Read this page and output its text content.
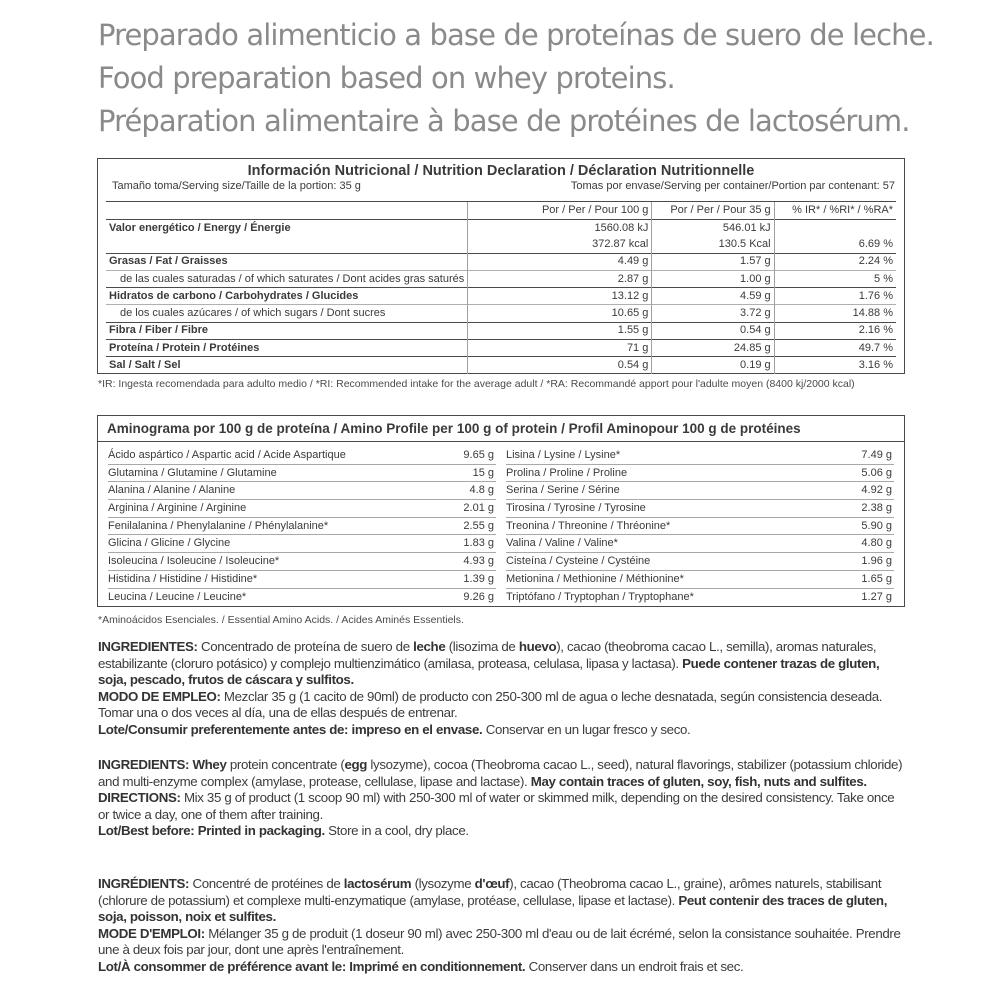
Preparado alimenticio a base de proteínas de suero de leche.
Food preparation based on whey proteins.
Préparation alimentaire à base de protéines de lactosérum.
Información Nutricional / Nutrition Declaration / Déclaration Nutritionnelle
Tamaño toma/Serving size/Taille de la portion: 35 g	Tomas por envase/Serving per container/Portion par contenant: 57
	Por / Per / Pour 100 g	Por / Per / Pour 35 g	% IR* / %RI* / %RA*
Valor energético / Energy / Énergie	1560.08 kJ	546.01 kJ	
	372.87 kcal	130.5 Kcal	6.69 %
Grasas / Fat / Graisses	4.49 g	1.57 g	2.24 %
de las cuales saturadas / of which saturates / Dont acides gras saturés	2.87 g	1.00 g	5 %
Hidratos de carbono / Carbohydrates / Glucides	13.12 g	4.59 g	1.76 %
de los cuales azúcares / of which sugars / Dont sucres	10.65 g	3.72 g	14.88 %
Fibra / Fiber / Fibre	1.55 g	0.54 g	2.16 %
Proteína / Protein / Protéines	71 g	24.85 g	49.7 %
Sal / Salt / Sel	0.54 g	0.19 g	3.16 %
*IR: Ingesta recomendada para adulto medio / *RI: Recommended intake for the average adult / *RA: Recommandé apport pour l'adulte moyen (8400 kj/2000 kcal)
Aminograma por 100 g de proteína / Amino Profile per 100 g of protein / Profil Aminopour 100 g de protéines
Ácido aspártico / Aspartic acid / Acide Aspartique	9.65 g
Glutamina / Glutamine / Glutamine	15 g
Alanina / Alanine / Alanine	4.8 g
Arginina / Arginine / Arginine	2.01 g
Fenilalanina / Phenylalanine / Phénylalanine*	2.55 g
Glicina / Glicine / Glycine	1.83 g
Isoleucina / Isoleucine / Isoleucine*	4.93 g
Histidina / Histidine / Histidine*	1.39 g
Leucina / Leucine / Leucine*	9.26 g
Lisina / Lysine / Lysine*	7.49 g
Prolina / Proline / Proline	5.06 g
Serina / Serine / Sérine	4.92 g
Tirosina / Tyrosine / Tyrosine	2.38 g
Treonina / Threonine / Thréonine*	5.90 g
Valina / Valine / Valine*	4.80 g
Cisteína / Cysteine / Cystéine	1.96 g
Metionina / Methionine / Méthionine*	1.65 g
Triptófano / Tryptophan / Tryptophane*	1.27 g
*Aminoácidos Esenciales. / Essential Amino Acids. / Acides Aminés Essentiels.

INGREDIENTES: Concentrado de proteína de suero de leche (lisozima de huevo), cacao (theobroma cacao L., semilla), aromas naturales, estabilizante (cloruro potásico) y complejo multienzimático (amilasa, proteasa, celulasa, lipasa y lactasa). Puede contener trazas de gluten, soja, pescado, frutos de cáscara y sulfitos.

MODO DE EMPLEO: Mezclar 35 g (1 cacito de 90ml) de producto con 250-300 ml de agua o leche desnatada, según consistencia deseada. Tomar una o dos veces al día, una de ellas después de entrenar.

Lote/Consumir preferentemente antes de: impreso en el envase. Conservar en un lugar fresco y seco.

INGREDIENTS: Whey protein concentrate (egg lysozyme), cocoa (Theobroma cacao L., seed), natural flavorings, stabilizer (potassium chloride) and multi-enzyme complex (amylase, protease, cellulase, lipase and lactase). May contain traces of gluten, soy, fish, nuts and sulfites.

DIRECTIONS: Mix 35 g of product (1 scoop 90 ml) with 250-300 ml of water or skimmed milk, depending on the desired consistency. Take once or twice a day, one of them after training.

Lot/Best before: Printed in packaging. Store in a cool, dry place.

INGRÉDIENTS: Concentré de protéines de lactosérum (lysozyme d'œuf), cacao (Theobroma cacao L., graine), arômes naturels, stabilisant (chlorure de potassium) et complexe multi-enzymatique (amylase, protéase, cellulase, lipase et lactase). Peut contenir des traces de gluten, soja, poisson, noix et sulfites.

MODE D'EMPLOI: Mélanger 35 g de produit (1 doseur 90 ml) avec 250-300 ml d'eau ou de lait écrémé, selon la consistance souhaitée. Prendre une à deux fois par jour, dont une après l'entraînement.

Lot/À consommer de préférence avant le: Imprimé en conditionnement. Conserver dans un endroit frais et sec.
